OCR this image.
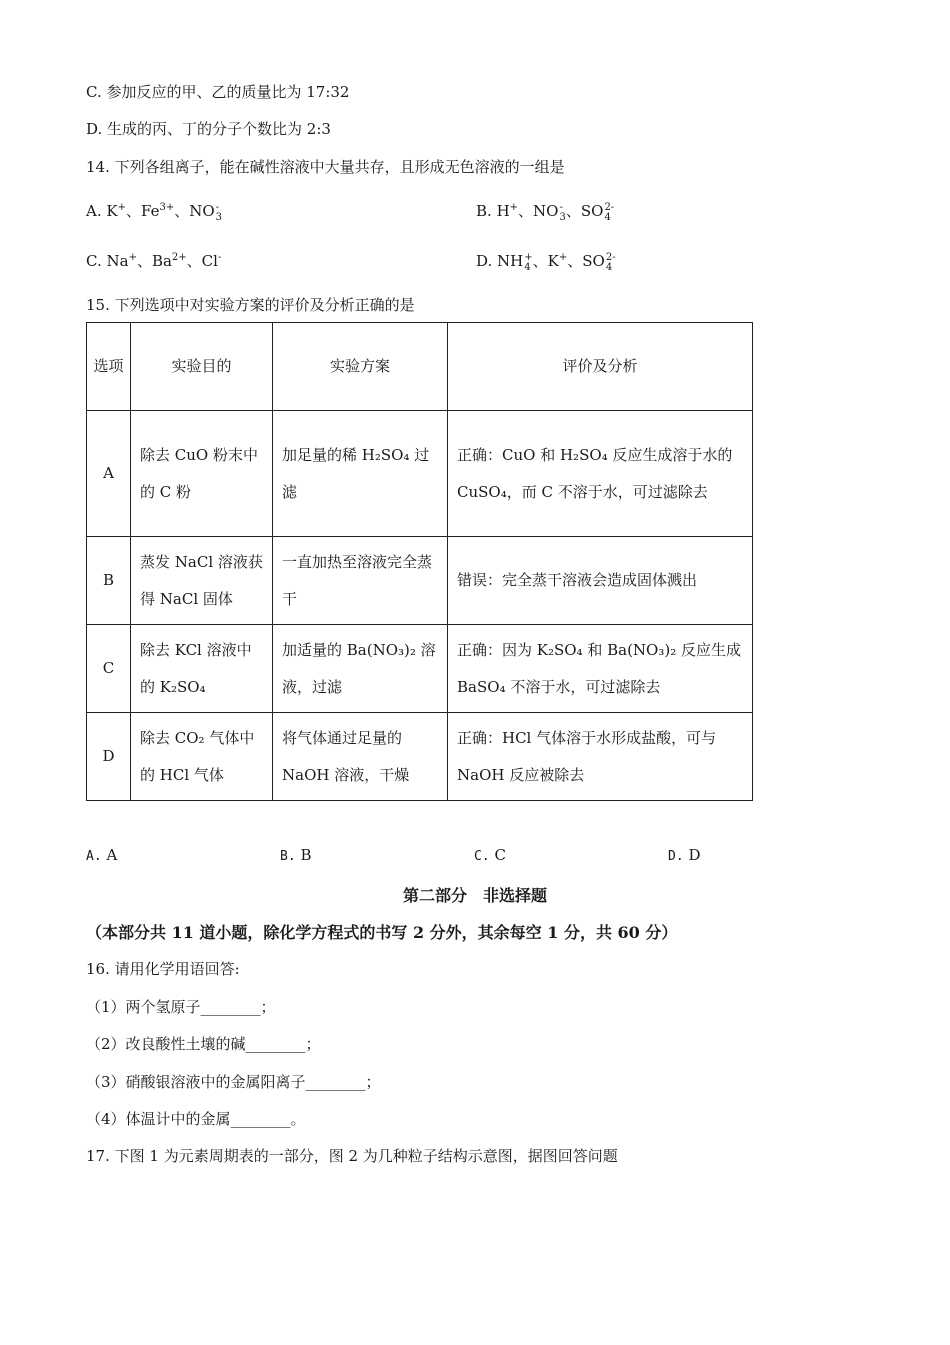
C. 参加反应的甲、乙的质量比为 17:32
D. 生成的丙、丁的分子个数比为 2:3
14. 下列各组离子，能在碱性溶液中大量共存，且形成无色溶液的一组是
A. K+、$Fe^{3+}$、NO -
3	B. H+、NO -
3 、SO 2-
4
C. Na+、$Ba^{2+}$、Cl-	D. NH +
4 、K+、SO 2-
4
15. 下列选项中对实验方案的评价及分析正确的是
选项	实验目的	实验方案	评价及分析
A	除去 CuO 粉末中的 C 粉	加足量的稀 H₂SO₄ 过滤	正确：CuO 和 H₂SO₄ 反应生成溶于水的 CuSO₄，而 C 不溶于水，可过滤除去
B	蒸发 NaCl 溶液获得 NaCl 固体	一直加热至溶液完全蒸干	错误：完全蒸干溶液会造成固体溅出
C	除去 KCl 溶液中的 K₂SO₄	加适量的 Ba(NO₃)₂ 溶液，过滤	正确：因为 K₂SO₄ 和 Ba(NO₃)₂ 反应生成 BaSO₄ 不溶于水，可过滤除去
D	除去 CO₂ 气体中的 HCl 气体	将气体通过足量的 NaOH 溶液，干燥	正确：HCl 气体溶于水形成盐酸，可与 NaOH 反应被除去
A. A	B. B	C. C	D. D
第二部分　非选择题
（本部分共 11 道小题，除化学方程式的书写 2 分外，其余每空 1 分，共 60 分）
16. 请用化学用语回答:
（1）两个氢原子________；
（2）改良酸性土壤的碱________；
（3）硝酸银溶液中的金属阳离子________；
（4）体温计中的金属________。
17. 下图 1 为元素周期表的一部分，图 2 为几种粒子结构示意图，据图回答问题
